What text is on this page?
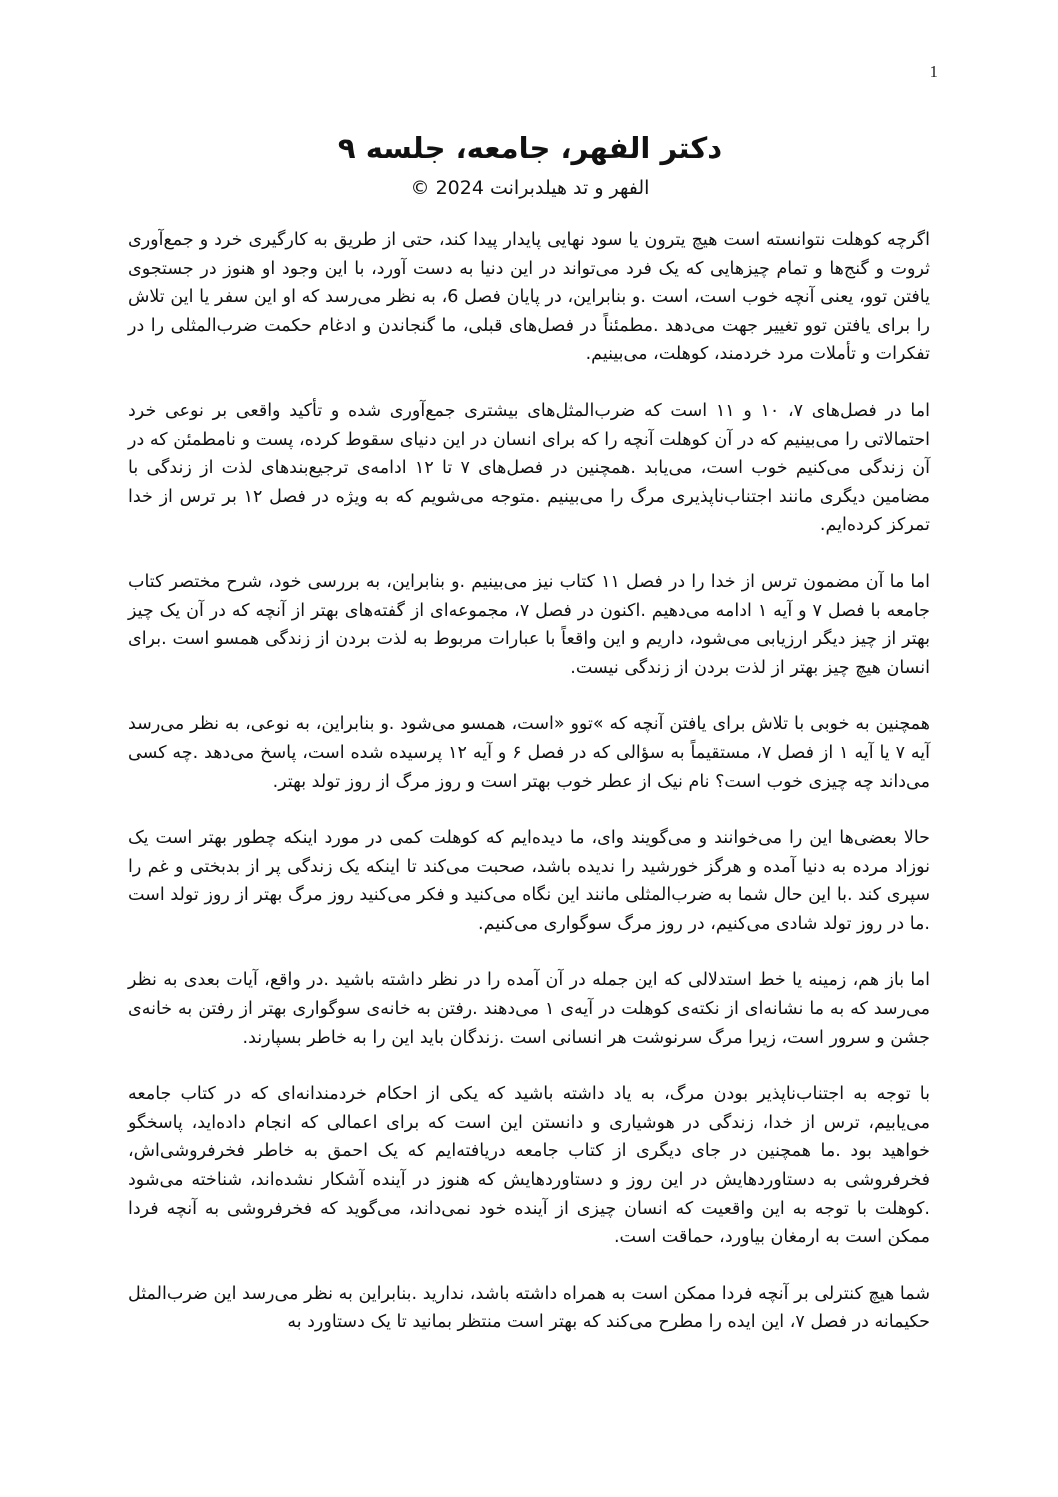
1
دکتر الفهر، جامعه، جلسه ۹

الفهر و تد هیلدبرانت 2024 ©

اگرچه کوهلت نتوانسته است هیچ یترون یا سود نهایی پایدار پیدا کند، حتی از طریق به کارگیری خرد و جمع‌آوری ثروت و گنج‌ها و تمام چیزهایی که یک فرد می‌تواند در این دنیا به دست آورد، با این وجود او هنوز در جستجوی یافتن توو، یعنی آنچه خوب است، است .و بنابراین، در پایان فصل 6، به نظر می‌رسد که او این سفر یا این تلاش را برای یافتن توو تغییر جهت می‌دهد .مطمئناً در فصل‌های قبلی، ما گنجاندن و ادغام حکمت ضرب‌المثلی را در تفکرات و تأملات مرد خردمند، کوهلت، می‌بینیم.

اما در فصل‌های ۷، ۱۰ و ۱۱ است که ضرب‌المثل‌های بیشتری جمع‌آوری شده و تأکید واقعی بر نوعی خرد احتمالاتی را می‌بینیم که در آن کوهلت آنچه را که برای انسان در این دنیای سقوط کرده، پست و نامطمئن که در آن زندگی می‌کنیم خوب است، می‌یابد .همچنین در فصل‌های ۷ تا ۱۲ ادامه‌ی ترجیع‌بندهای لذت از زندگی با مضامین دیگری مانند اجتناب‌ناپذیری مرگ را می‌بینیم .متوجه می‌شویم که به ویژه در فصل ۱۲ بر ترس از خدا تمرکز کرده‌ایم.

اما ما آن مضمون ترس از خدا را در فصل ۱۱ کتاب نیز می‌بینیم .و بنابراین، به بررسی خود، شرح مختصر کتاب جامعه با فصل ۷ و آیه ۱ ادامه می‌دهیم .اکنون در فصل ۷، مجموعه‌ای از گفته‌های بهتر از آنچه که در آن یک چیز بهتر از چیز دیگر ارزیابی می‌شود، داریم و این واقعاً با عبارات مربوط به لذت بردن از زندگی همسو است .برای انسان هیچ چیز بهتر از لذت بردن از زندگی نیست.

همچنین به خوبی با تلاش برای یافتن آنچه که »توو «است، همسو می‌شود .و بنابراین، به نوعی، به نظر می‌رسد آیه ۷ یا آیه ۱ از فصل ۷، مستقیماً به سؤالی که در فصل ۶ و آیه ۱۲ پرسیده شده است، پاسخ می‌دهد .چه کسی می‌داند چه چیزی خوب است؟ نام نیک از عطر خوب بهتر است و روز مرگ از روز تولد بهتر.

حالا بعضی‌ها این را می‌خوانند و می‌گویند وای، ما دیده‌ایم که کوهلت کمی در مورد اینکه چطور بهتر است یک نوزاد مرده به دنیا آمده و هرگز خورشید را ندیده باشد، صحبت می‌کند تا اینکه یک زندگی پر از بدبختی و غم را سپری کند .با این حال شما به ضرب‌المثلی مانند این نگاه می‌کنید و فکر می‌کنید روز مرگ بهتر از روز تولد است .ما در روز تولد شادی می‌کنیم، در روز مرگ سوگواری می‌کنیم.

اما باز هم، زمینه یا خط استدلالی که این جمله در آن آمده را در نظر داشته باشید .در واقع، آیات بعدی به نظر می‌رسد که به ما نشانه‌ای از نکته‌ی کوهلت در آیه‌ی ۱ می‌دهند .رفتن به خانه‌ی سوگواری بهتر از رفتن به خانه‌ی جشن و سرور است، زیرا مرگ سرنوشت هر انسانی است .زندگان باید این را به خاطر بسپارند.

با توجه به اجتناب‌ناپذیر بودن مرگ، به یاد داشته باشید که یکی از احکام خردمندانه‌ای که در کتاب جامعه می‌یابیم، ترس از خدا، زندگی در هوشیاری و دانستن این است که برای اعمالی که انجام داده‌اید، پاسخگو خواهید بود .ما همچنین در جای دیگری از کتاب جامعه دریافته‌ایم که یک احمق به خاطر فخرفروشی‌اش، فخرفروشی به دستاوردهایش در این روز و دستاوردهایش که هنوز در آینده آشکار نشده‌اند، شناخته می‌شود .کوهلت با توجه به این واقعیت که انسان چیزی از آینده خود نمی‌داند، می‌گوید که فخرفروشی به آنچه فردا ممکن است به ارمغان بیاورد، حماقت است.

شما هیچ کنترلی بر آنچه فردا ممکن است به همراه داشته باشد، ندارید .بنابراین به نظر می‌رسد این ضرب‌المثل حکیمانه در فصل ۷، این ایده را مطرح می‌کند که بهتر است منتظر بمانید تا یک دستاورد به
